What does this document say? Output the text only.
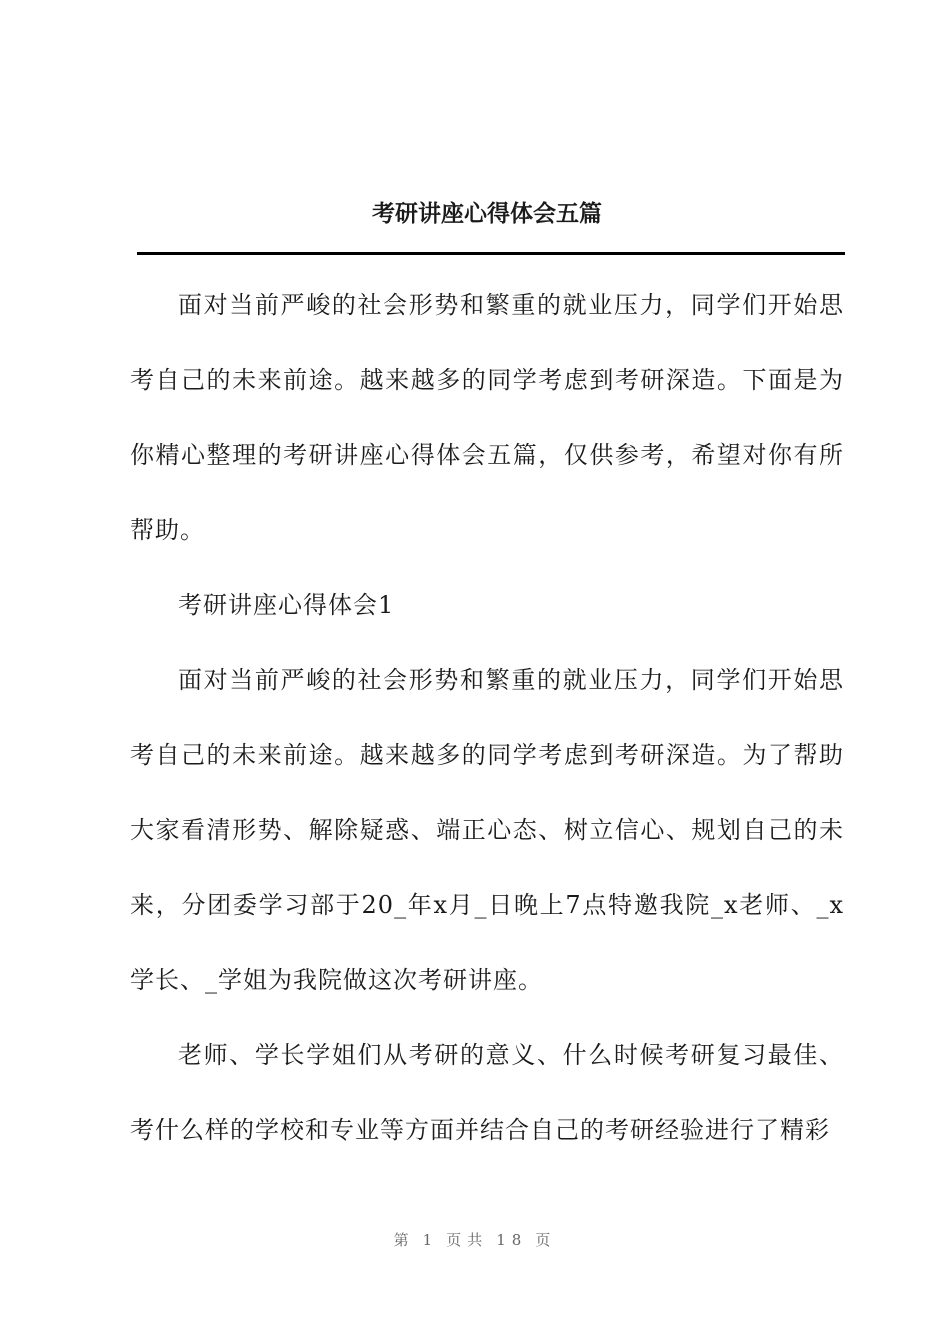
考研讲座心得体会五篇

面对当前严峻的社会形势和繁重的就业压力，同学们开始思考自己的未来前途。越来越多的同学考虑到考研深造。下面是为你精心整理的考研讲座心得体会五篇，仅供参考，希望对你有所帮助。

考研讲座心得体会1

面对当前严峻的社会形势和繁重的就业压力，同学们开始思考自己的未来前途。越来越多的同学考虑到考研深造。为了帮助大家看清形势、解除疑惑、端正心态、树立信心、规划自己的未来，分团委学习部于20_年x月_日晚上7点特邀我院_x老师、_x学长、_学姐为我院做这次考研讲座。

老师、学长学姐们从考研的意义、什么时候考研复习最佳、考什么样的学校和专业等方面并结合自己的考研经验进行了精彩

第 1 页共 18 页
